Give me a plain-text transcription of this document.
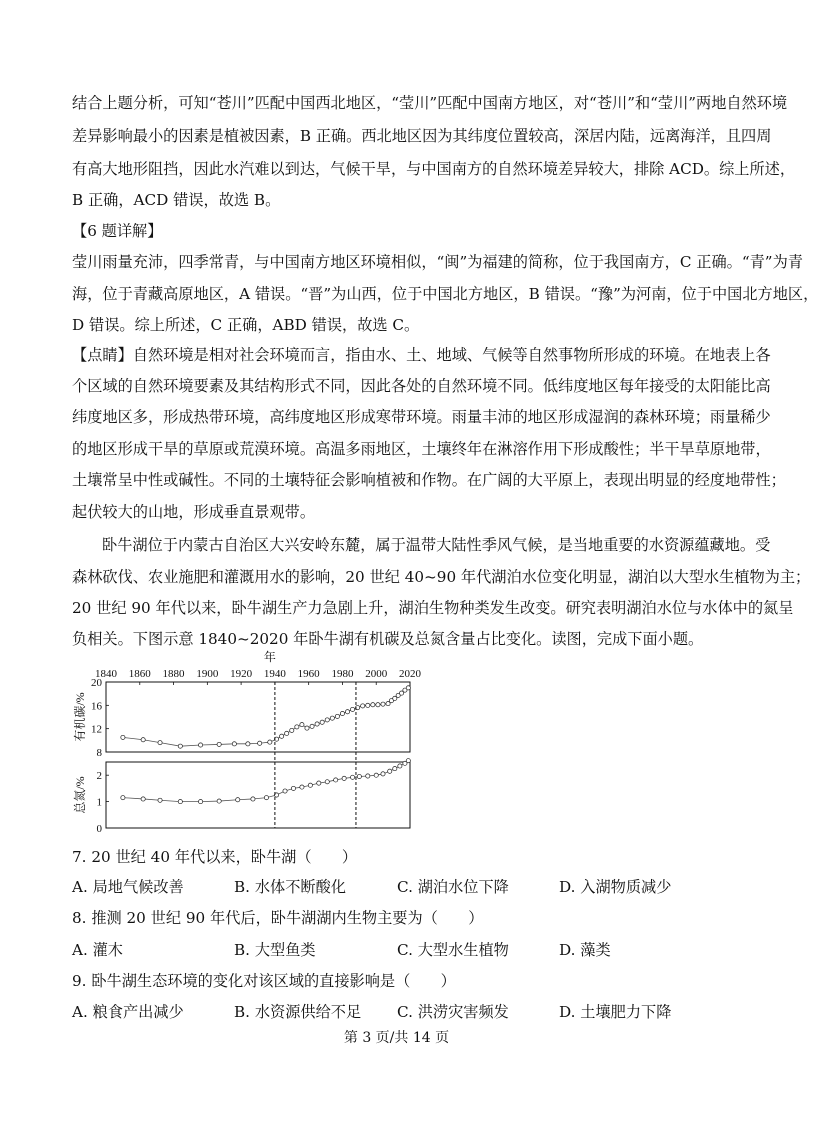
结合上题分析，可知“苍川”匹配中国西北地区，“莹川”匹配中国南方地区，对“苍川”和“莹川”两地自然环境
差异影响最小的因素是植被因素，B 正确。西北地区因为其纬度位置较高，深居内陆，远离海洋，且四周
有高大地形阻挡，因此水汽难以到达，气候干旱，与中国南方的自然环境差异较大，排除 ACD。综上所述，
B 正确，ACD 错误，故选 B。
【6 题详解】
莹川雨量充沛，四季常青，与中国南方地区环境相似，“闽”为福建的简称，位于我国南方，C 正确。“青”为青
海，位于青藏高原地区，A 错误。“晋”为山西，位于中国北方地区，B 错误。“豫”为河南，位于中国北方地区，
D 错误。综上所述，C 正确，ABD 错误，故选 C。
【点睛】自然环境是相对社会环境而言，指由水、土、地域、气候等自然事物所形成的环境。在地表上各
个区域的自然环境要素及其结构形式不同，因此各处的自然环境不同。低纬度地区每年接受的太阳能比高
纬度地区多，形成热带环境，高纬度地区形成寒带环境。雨量丰沛的地区形成湿润的森林环境；雨量稀少
的地区形成干旱的草原或荒漠环境。高温多雨地区，土壤终年在淋溶作用下形成酸性；半干旱草原地带，
土壤常呈中性或碱性。不同的土壤特征会影响植被和作物。在广阔的大平原上，表现出明显的经度地带性；
起伏较大的山地，形成垂直景观带。
卧牛湖位于内蒙古自治区大兴安岭东麓，属于温带大陆性季风气候，是当地重要的水资源蕴藏地。受
森林砍伐、农业施肥和灌溉用水的影响，20 世纪 40~90 年代湖泊水位变化明显，湖泊以大型水生植物为主；
20 世纪 90 年代以来，卧牛湖生产力急剧上升，湖泊生物种类发生改变。研究表明湖泊水位与水体中的氮呈
负相关。下图示意 1840~2020 年卧牛湖有机碳及总氮含量占比变化。读图，完成下面小题。
年
1840 1860 1880 1900 1920 1940 1960 1980 2000 2020
有机碳/%
8
12
16
20
总氮/%
0
1
2
7. 20 世纪 40 年代以来，卧牛湖（　　）
A. 局地气候改善	B. 水体不断酸化	C. 湖泊水位下降	D. 入湖物质减少
8. 推测 20 世纪 90 年代后，卧牛湖湖内生物主要为（　　）
A. 灌木	B. 大型鱼类	C. 大型水生植物	D. 藻类
9. 卧牛湖生态环境的变化对该区域的直接影响是（　　）
A. 粮食产出减少	B. 水资源供给不足 C. 洪涝灾害频发	D. 土壤肥力下降
第 3 页/共 14 页
